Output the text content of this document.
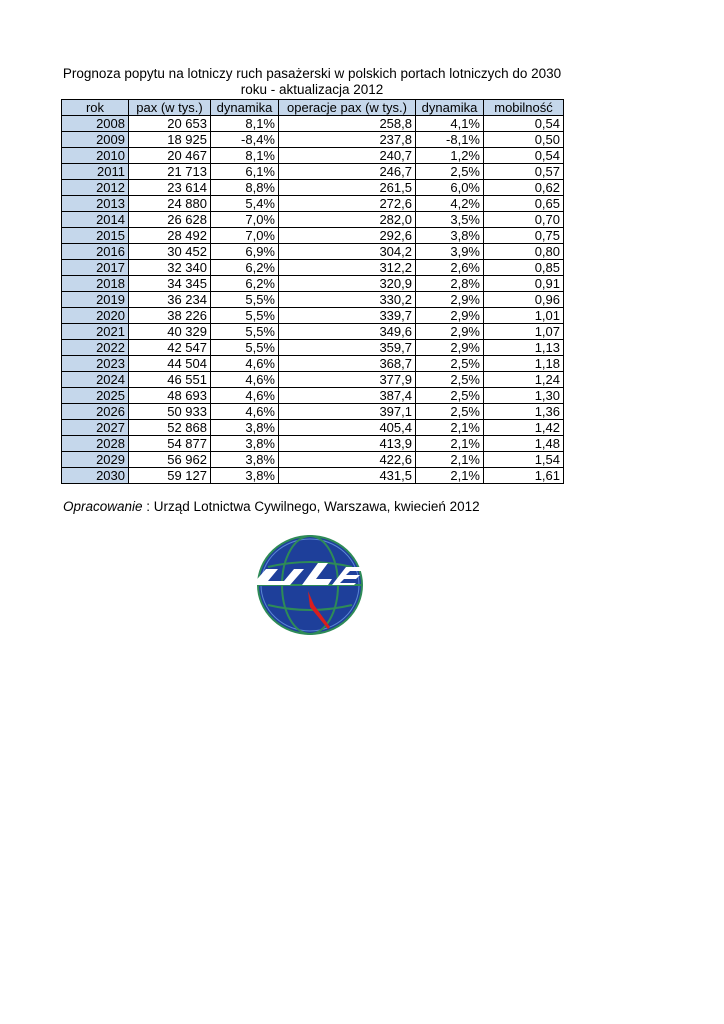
Prognoza popytu na lotniczy ruch pasażerski w polskich portach lotniczych do 2030
roku - aktualizacja 2012
rok	pax (w tys.)	dynamika	operacje pax (w tys.)	dynamika	mobilność
2008	20 653	8,1%	258,8	4,1%	0,54
2009	18 925	-8,4%	237,8	-8,1%	0,50
2010	20 467	8,1%	240,7	1,2%	0,54
2011	21 713	6,1%	246,7	2,5%	0,57
2012	23 614	8,8%	261,5	6,0%	0,62
2013	24 880	5,4%	272,6	4,2%	0,65
2014	26 628	7,0%	282,0	3,5%	0,70
2015	28 492	7,0%	292,6	3,8%	0,75
2016	30 452	6,9%	304,2	3,9%	0,80
2017	32 340	6,2%	312,2	2,6%	0,85
2018	34 345	6,2%	320,9	2,8%	0,91
2019	36 234	5,5%	330,2	2,9%	0,96
2020	38 226	5,5%	339,7	2,9%	1,01
2021	40 329	5,5%	349,6	2,9%	1,07
2022	42 547	5,5%	359,7	2,9%	1,13
2023	44 504	4,6%	368,7	2,5%	1,18
2024	46 551	4,6%	377,9	2,5%	1,24
2025	48 693	4,6%	387,4	2,5%	1,30
2026	50 933	4,6%	397,1	2,5%	1,36
2027	52 868	3,8%	405,4	2,1%	1,42
2028	54 877	3,8%	413,9	2,1%	1,48
2029	56 962	3,8%	422,6	2,1%	1,54
2030	59 127	3,8%	431,5	2,1%	1,61
Opracowanie : Urząd Lotnictwa Cywilnego, Warszawa, kwiecień 2012
